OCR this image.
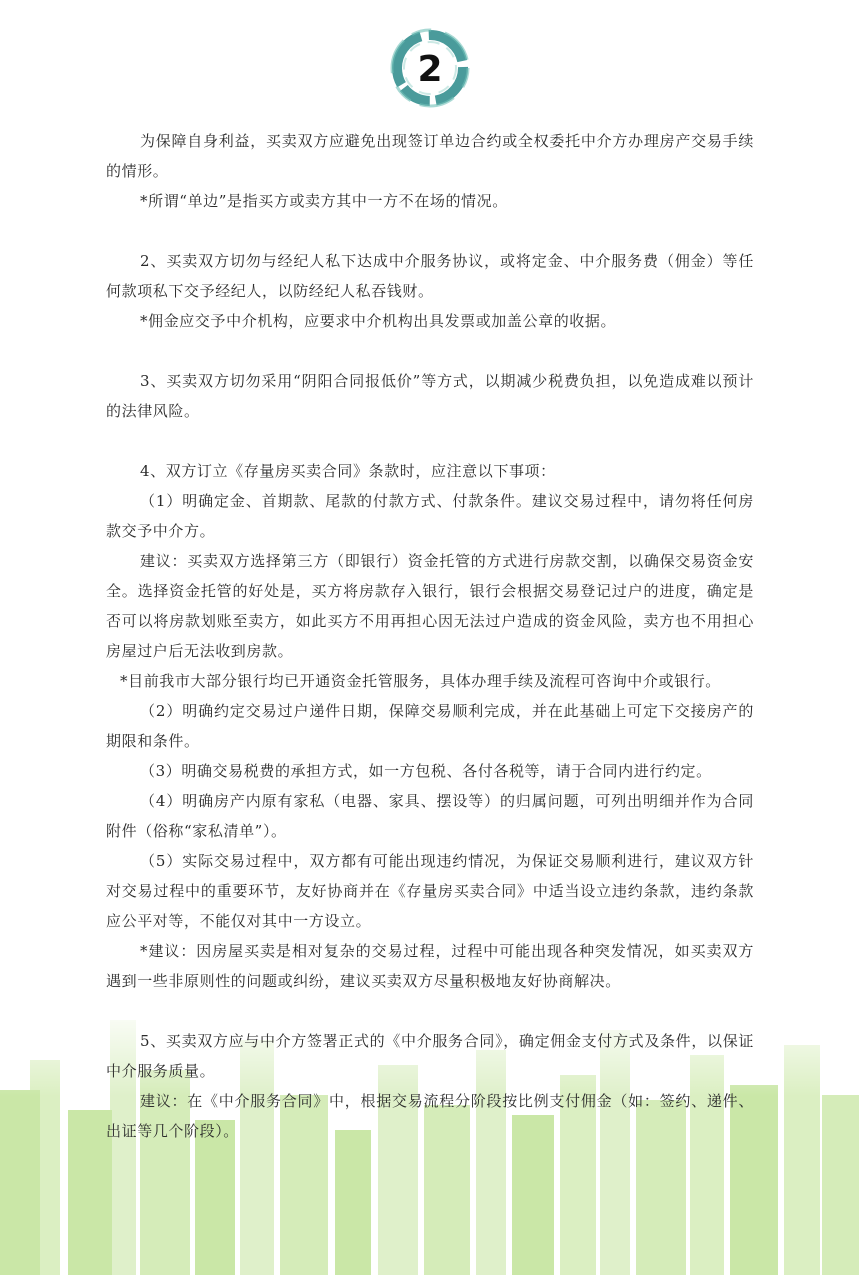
2

为保障自身利益，买卖双方应避免出现签订单边合约或全权委托中介方办理房产交易手续的情形。

*所谓“单边”是指买方或卖方其中一方不在场的情况。

2、买卖双方切勿与经纪人私下达成中介服务协议，或将定金、中介服务费（佣金）等任何款项私下交予经纪人，以防经纪人私吞钱财。

*佣金应交予中介机构，应要求中介机构出具发票或加盖公章的收据。

3、买卖双方切勿采用“阴阳合同报低价”等方式，以期减少税费负担，以免造成难以预计的法律风险。

4、双方订立《存量房买卖合同》条款时，应注意以下事项：

（1）明确定金、首期款、尾款的付款方式、付款条件。建议交易过程中，请勿将任何房款交予中介方。

建议：买卖双方选择第三方（即银行）资金托管的方式进行房款交割，以确保交易资金安全。选择资金托管的好处是，买方将房款存入银行，银行会根据交易登记过户的进度，确定是否可以将房款划账至卖方，如此买方不用再担心因无法过户造成的资金风险，卖方也不用担心房屋过户后无法收到房款。

*目前我市大部分银行均已开通资金托管服务，具体办理手续及流程可咨询中介或银行。

（2）明确约定交易过户递件日期，保障交易顺利完成，并在此基础上可定下交接房产的期限和条件。

（3）明确交易税费的承担方式，如一方包税、各付各税等，请于合同内进行约定。

（4）明确房产内原有家私（电器、家具、摆设等）的归属问题，可列出明细并作为合同附件（俗称“家私清单”）。

（5）实际交易过程中，双方都有可能出现违约情况，为保证交易顺利进行，建议双方针对交易过程中的重要环节，友好协商并在《存量房买卖合同》中适当设立违约条款，违约条款应公平对等，不能仅对其中一方设立。

*建议：因房屋买卖是相对复杂的交易过程，过程中可能出现各种突发情况，如买卖双方遇到一些非原则性的问题或纠纷，建议买卖双方尽量积极地友好协商解决。

5、买卖双方应与中介方签署正式的《中介服务合同》，确定佣金支付方式及条件，以保证中介服务质量。

建议：在《中介服务合同》中，根据交易流程分阶段按比例支付佣金（如：签约、递件、出证等几个阶段）。
